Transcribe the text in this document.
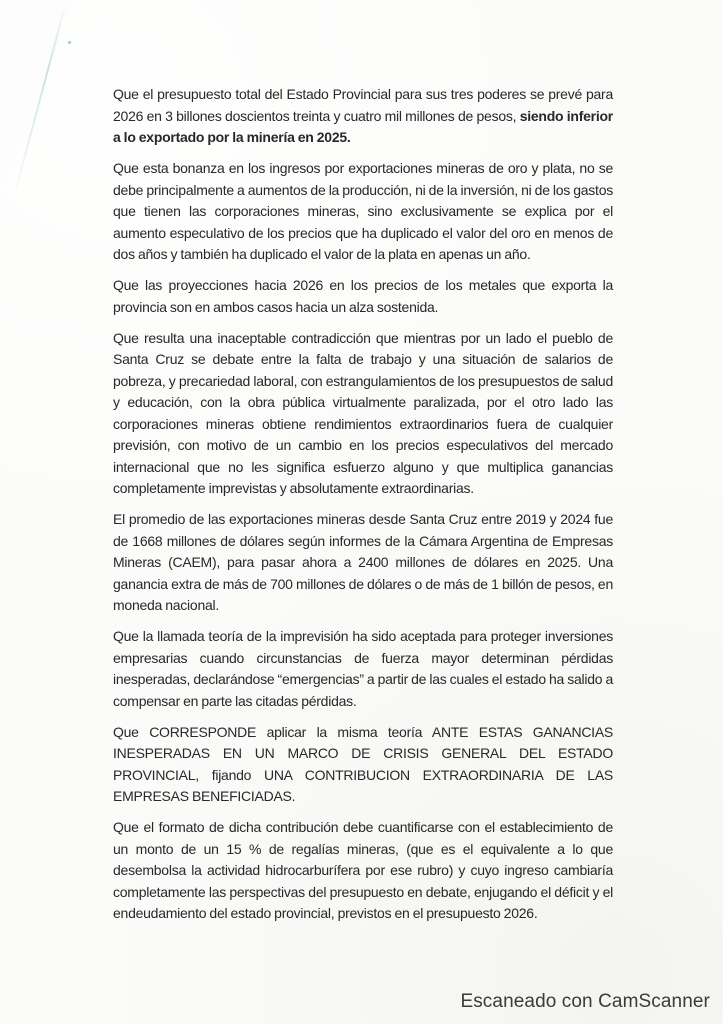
Que el presupuesto total del Estado Provincial para sus tres poderes se prevé para 2026 en 3 billones doscientos treinta y cuatro mil millones de pesos, siendo inferior a lo exportado por la minería en 2025.

Que esta bonanza en los ingresos por exportaciones mineras de oro y plata, no se debe principalmente a aumentos de la producción, ni de la inversión, ni de los gastos que tienen las corporaciones mineras, sino exclusivamente se explica por el aumento especulativo de los precios que ha duplicado el valor del oro en menos de dos años y también ha duplicado el valor de la plata en apenas un año.

Que las proyecciones hacia 2026 en los precios de los metales que exporta la provincia son en ambos casos hacia un alza sostenida.

Que resulta una inaceptable contradicción que mientras por un lado el pueblo de Santa Cruz se debate entre la falta de trabajo y una situación de salarios de pobreza, y precariedad laboral, con estrangulamientos de los presupuestos de salud y educación, con la obra pública virtualmente paralizada, por el otro lado las corporaciones mineras obtiene rendimientos extraordinarios fuera de cualquier previsión, con motivo de un cambio en los precios especulativos del mercado internacional que no les significa esfuerzo alguno y que multiplica ganancias completamente imprevistas y absolutamente extraordinarias.

El promedio de las exportaciones mineras desde Santa Cruz entre 2019 y 2024 fue de 1668 millones de dólares según informes de la Cámara Argentina de Empresas Mineras (CAEM), para pasar ahora a 2400 millones de dólares en 2025. Una ganancia extra de más de 700 millones de dólares o de más de 1 billón de pesos, en moneda nacional.

Que la llamada teoría de la imprevisión ha sido aceptada para proteger inversiones empresarias cuando circunstancias de fuerza mayor determinan pérdidas inesperadas, declarándose “emergencias” a partir de las cuales el estado ha salido a compensar en parte las citadas pérdidas.

Que CORRESPONDE aplicar la misma teoría ANTE ESTAS GANANCIAS INESPERADAS EN UN MARCO DE CRISIS GENERAL DEL ESTADO PROVINCIAL, fijando UNA CONTRIBUCION EXTRAORDINARIA DE LAS EMPRESAS BENEFICIADAS.

Que el formato de dicha contribución debe cuantificarse con el establecimiento de un monto de un 15 % de regalías mineras, (que es el equivalente a lo que desembolsa la actividad hidrocarburífera por ese rubro) y cuyo ingreso cambiaría completamente las perspectivas del presupuesto en debate, enjugando el déficit y el endeudamiento del estado provincial, previstos en el presupuesto 2026.

Escaneado con CamScanner
